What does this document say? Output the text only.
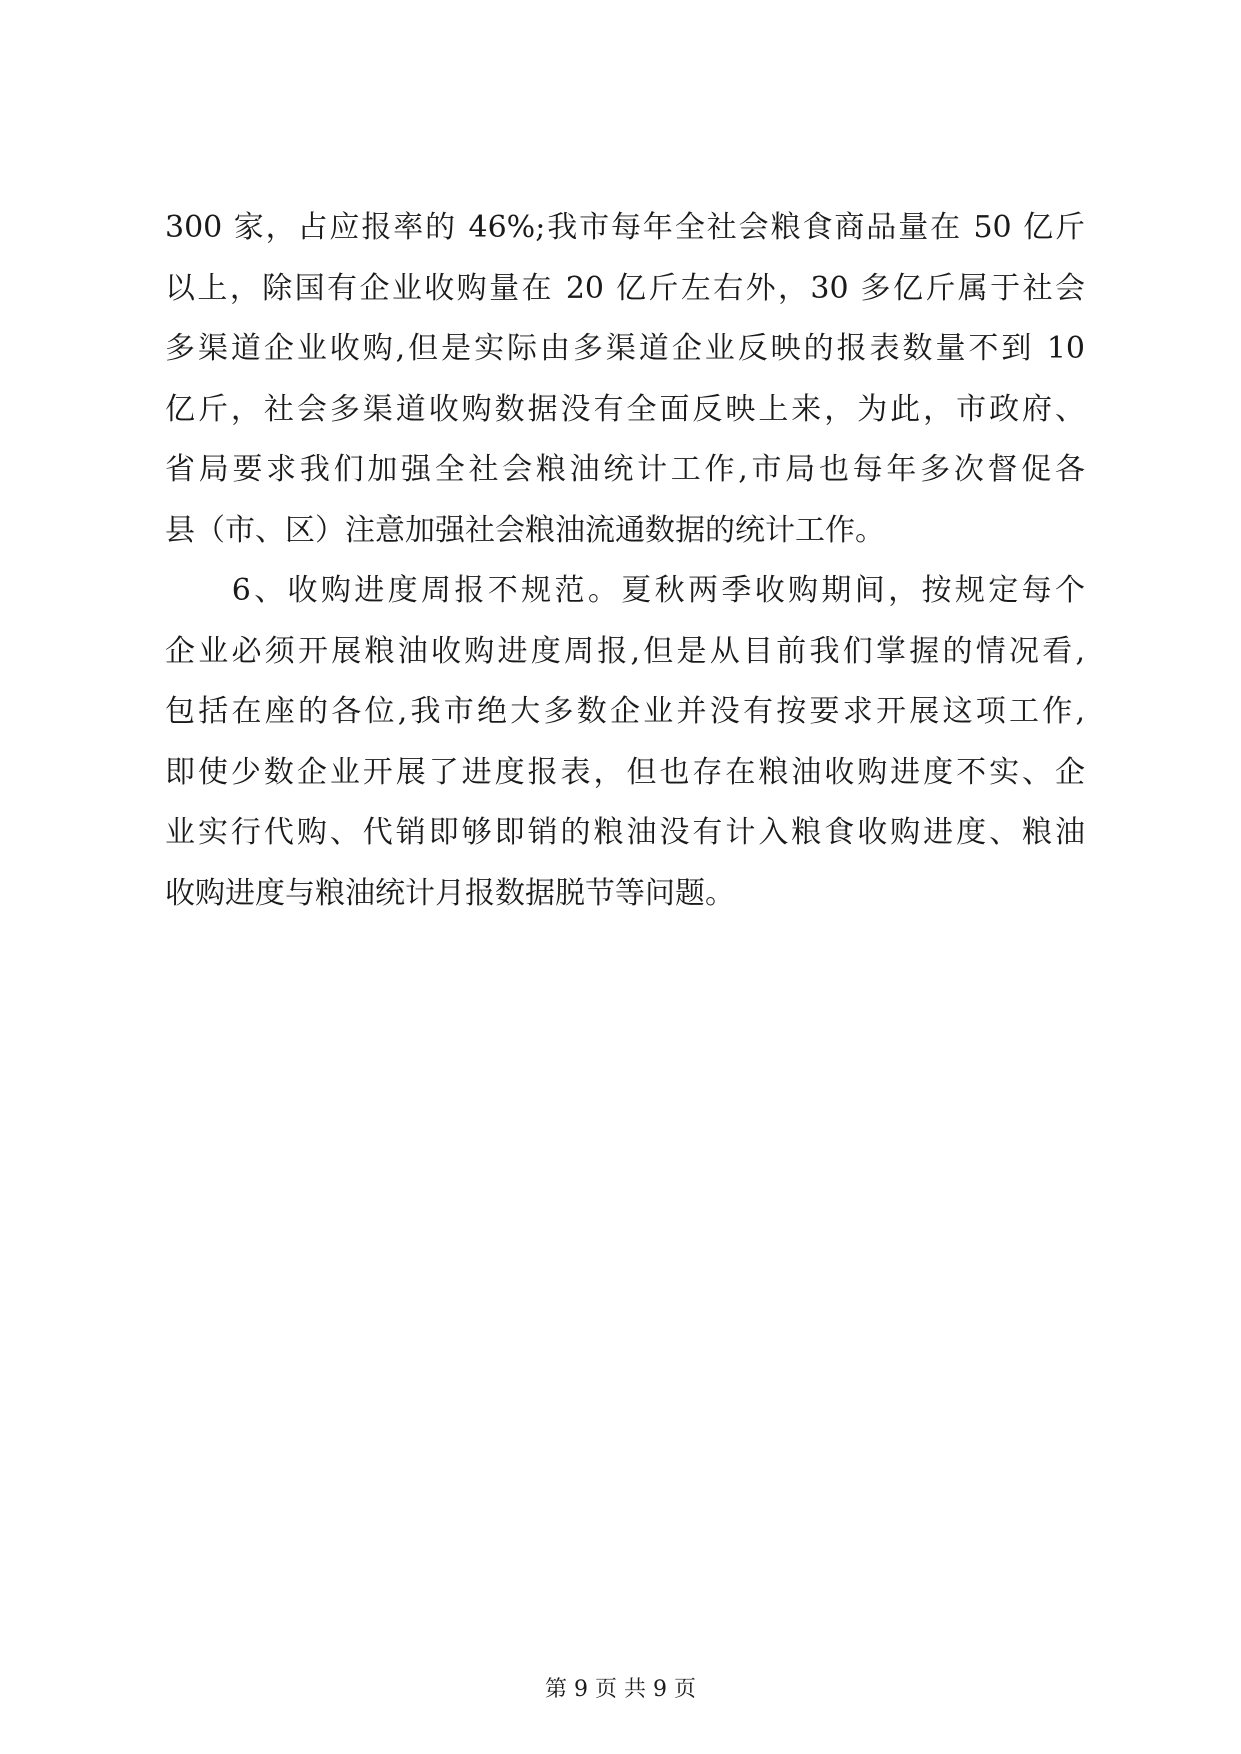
300 家，占应报率的 46%;我市每年全社会粮食商品量在 50 亿斤
以上，除国有企业收购量在 20 亿斤左右外，30 多亿斤属于社会
多渠道企业收购,但是实际由多渠道企业反映的报表数量不到 10
亿斤，社会多渠道收购数据没有全面反映上来，为此，市政府、
省局要求我们加强全社会粮油统计工作,市局也每年多次督促各
县（市、区）注意加强社会粮油流通数据的统计工作。
　　6、收购进度周报不规范。夏秋两季收购期间，按规定每个
企业必须开展粮油收购进度周报,但是从目前我们掌握的情况看,
包括在座的各位,我市绝大多数企业并没有按要求开展这项工作,
即使少数企业开展了进度报表，但也存在粮油收购进度不实、企
业实行代购、代销即够即销的粮油没有计入粮食收购进度、粮油
收购进度与粮油统计月报数据脱节等问题。
第 9 页 共 9 页
